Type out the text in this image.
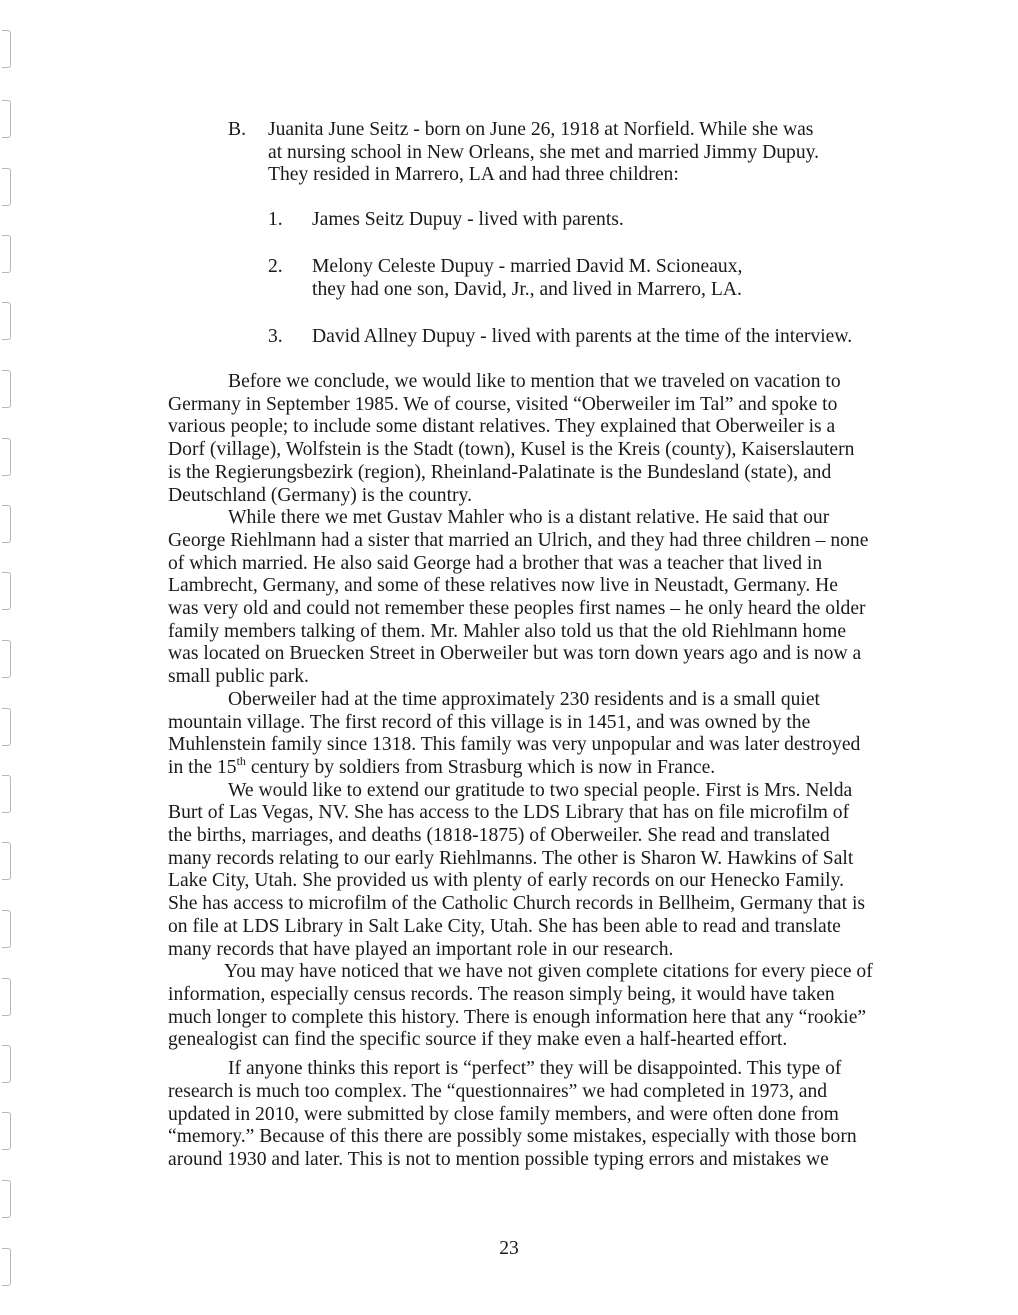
B. Juanita June Seitz - born on June 26, 1918 at Norfield. While she was
at nursing school in New Orleans, she met and married Jimmy Dupuy.
They resided in Marrero, LA and had three children:
1. James Seitz Dupuy - lived with parents.
2. Melony Celeste Dupuy - married David M. Scioneaux,
they had one son, David, Jr., and lived in Marrero, LA.
3. David Allney Dupuy - lived with parents at the time of the interview.
Before we conclude, we would like to mention that we traveled on vacation to
Germany in September 1985. We of course, visited “Oberweiler im Tal” and spoke to
various people; to include some distant relatives. They explained that Oberweiler is a
Dorf (village), Wolfstein is the Stadt (town), Kusel is the Kreis (county), Kaiserslautern
is the Regierungsbezirk (region), Rheinland-Palatinate is the Bundesland (state), and
Deutschland (Germany) is the country.
While there we met Gustav Mahler who is a distant relative. He said that our
George Riehlmann had a sister that married an Ulrich, and they had three children – none
of which married. He also said George had a brother that was a teacher that lived in
Lambrecht, Germany, and some of these relatives now live in Neustadt, Germany. He
was very old and could not remember these peoples first names – he only heard the older
family members talking of them. Mr. Mahler also told us that the old Riehlmann home
was located on Bruecken Street in Oberweiler but was torn down years ago and is now a
small public park.
Oberweiler had at the time approximately 230 residents and is a small quiet
mountain village. The first record of this village is in 1451, and was owned by the
Muhlenstein family since 1318. This family was very unpopular and was later destroyed
in the 15th century by soldiers from Strasburg which is now in France.
We would like to extend our gratitude to two special people. First is Mrs. Nelda
Burt of Las Vegas, NV. She has access to the LDS Library that has on file microfilm of
the births, marriages, and deaths (1818-1875) of Oberweiler. She read and translated
many records relating to our early Riehlmanns. The other is Sharon W. Hawkins of Salt
Lake City, Utah. She provided us with plenty of early records on our Henecko Family.
She has access to microfilm of the Catholic Church records in Bellheim, Germany that is
on file at LDS Library in Salt Lake City, Utah. She has been able to read and translate
many records that have played an important role in our research.
You may have noticed that we have not given complete citations for every piece of
information, especially census records. The reason simply being, it would have taken
much longer to complete this history. There is enough information here that any “rookie”
genealogist can find the specific source if they make even a half-hearted effort.
If anyone thinks this report is “perfect” they will be disappointed. This type of
research is much too complex. The “questionnaires” we had completed in 1973, and
updated in 2010, were submitted by close family members, and were often done from
“memory.” Because of this there are possibly some mistakes, especially with those born
around 1930 and later. This is not to mention possible typing errors and mistakes we
23
